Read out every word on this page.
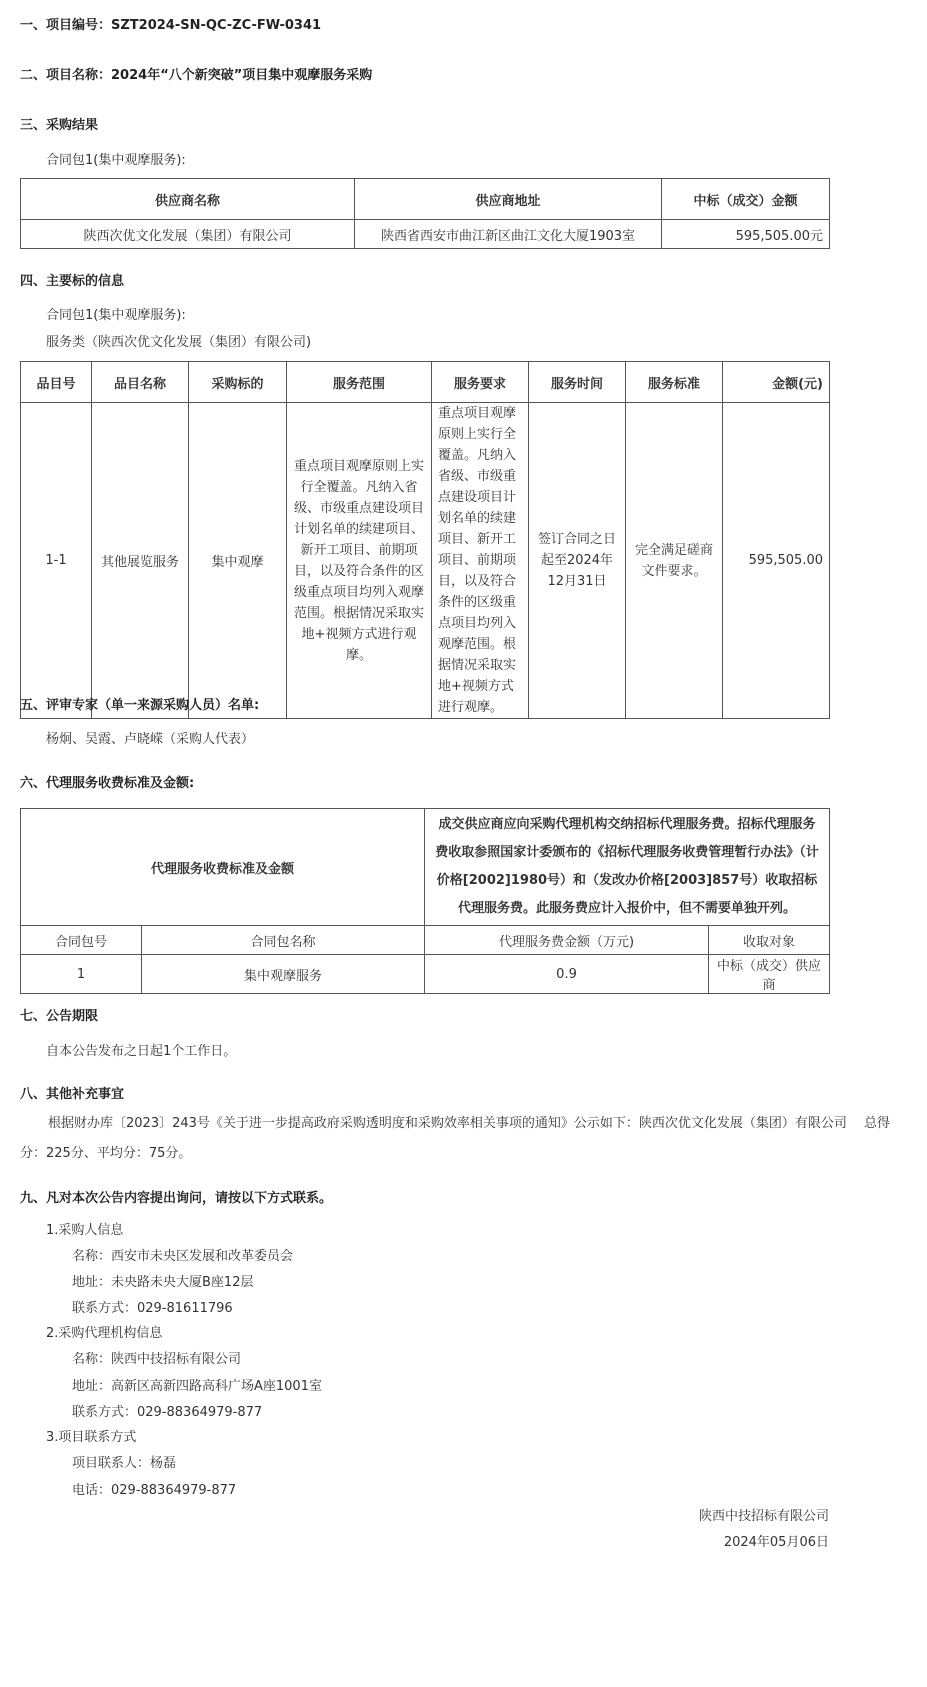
一、项目编号：SZT2024-SN-QC-ZC-FW-0341
二、项目名称：2024年“八个新突破”项目集中观摩服务采购
三、采购结果
合同包1(集中观摩服务):
供应商名称	供应商地址	中标（成交）金额
陕西次优文化发展（集团）有限公司	陕西省西安市曲江新区曲江文化大厦1903室	595,505.00元
四、主要标的信息
合同包1(集中观摩服务):
服务类（陕西次优文化发展（集团）有限公司)
品目号	品目名称	采购标的	服务范围	服务要求	服务时间	服务标准	金额(元)
1-1	其他展览服务	集中观摩	重点项目观摩原则上实行全覆盖。凡纳入省级、市级重点建设项目计划名单的续建项目、新开工项目、前期项目，以及符合条件的区级重点项目均列入观摩范围。根据情况采取实地+视频方式进行观摩。	重点项目观摩原则上实行全覆盖。凡纳入省级、市级重点建设项目计划名单的续建项目、新开工项目、前期项目，以及符合条件的区级重点项目均列入观摩范围。根据情况采取实地+视频方式进行观摩。	签订合同之日起至2024年12月31日	完全满足磋商文件要求。	595,505.00
五、评审专家（单一来源采购人员）名单:
杨炯、吴霞、卢晓嵘（采购人代表）
六、代理服务收费标准及金额:
代理服务收费标准及金额		成交供应商应向采购代理机构交纳招标代理服务费。招标代理服务费收取参照国家计委颁布的《招标代理服务收费管理暂行办法》（计价格[2002]1980号）和（发改办价格[2003]857号）收取招标代理服务费。此服务费应计入报价中，但不需要单独开列。	
合同包号	合同包名称	代理服务费金额（万元)	收取对象
1	集中观摩服务	0.9	中标（成交）供应商
七、公告期限
自本公告发布之日起1个工作日。
八、其他补充事宜
根据财办库〔2023〕243号《关于进一步提高政府采购透明度和采购效率相关事项的通知》公示如下：陕西次优文化发展（集团）有限公司　 总得分：225分、平均分：75分。
九、凡对本次公告内容提出询问，请按以下方式联系。
1.采购人信息
名称：西安市未央区发展和改革委员会
地址：未央路未央大厦B座12层
联系方式：029-81611796
2.采购代理机构信息
名称：陕西中技招标有限公司
地址：高新区高新四路高科广场A座1001室
联系方式：029-88364979-877
3.项目联系方式
项目联系人：杨磊
电话：029-88364979-877
陕西中技招标有限公司
2024年05月06日
